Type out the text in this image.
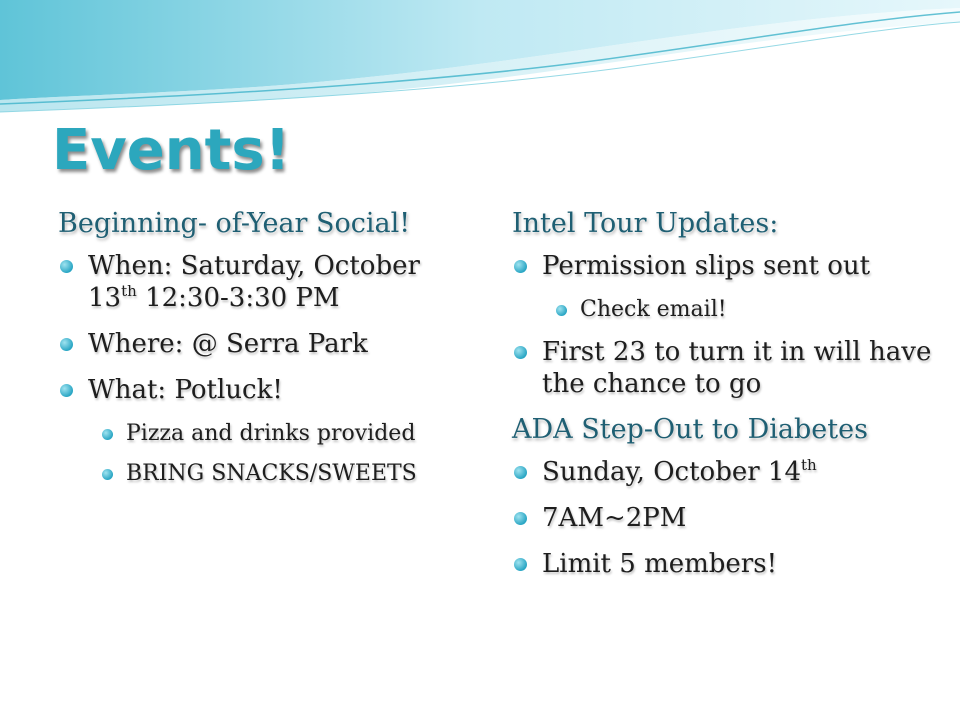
Events!
Beginning- of-Year Social!
When: Saturday, October
13th 12:30-3:30 PM
Where: @ Serra Park
What: Potluck!
Pizza and drinks provided
BRING SNACKS/SWEETS
Intel Tour Updates:
Permission slips sent out
Check email!
First 23 to turn it in will have the chance to go
ADA Step-Out to Diabetes
Sunday, October 14th
7AM~2PM
Limit 5 members!
